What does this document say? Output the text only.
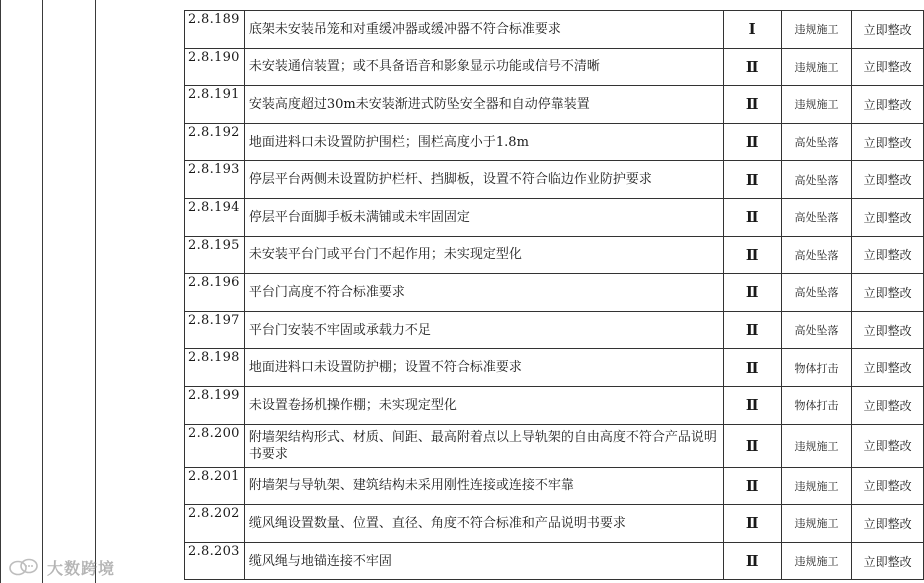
2.8.189	底架未安装吊笼和对重缓冲器或缓冲器不符合标准要求	Ⅰ	违规施工	立即整改
2.8.190	未安装通信装置；或不具备语音和影象显示功能或信号不清晰	Ⅱ	违规施工	立即整改
2.8.191	安装高度超过30m未安装渐进式防坠安全器和自动停靠装置	Ⅱ	违规施工	立即整改
2.8.192	地面进料口未设置防护围栏；围栏高度小于1.8m	Ⅱ	高处坠落	立即整改
2.8.193	停层平台两侧未设置防护栏杆、挡脚板，设置不符合临边作业防护要求	Ⅱ	高处坠落	立即整改
2.8.194	停层平台面脚手板未满铺或未牢固固定	Ⅱ	高处坠落	立即整改
2.8.195	未安装平台门或平台门不起作用；未实现定型化	Ⅱ	高处坠落	立即整改
2.8.196	平台门高度不符合标准要求	Ⅱ	高处坠落	立即整改
2.8.197	平台门安装不牢固或承载力不足	Ⅱ	高处坠落	立即整改
2.8.198	地面进料口未设置防护棚；设置不符合标准要求	Ⅱ	物体打击	立即整改
2.8.199	未设置卷扬机操作棚；未实现定型化	Ⅱ	物体打击	立即整改
2.8.200	附墙架结构形式、材质、间距、最高附着点以上导轨架的自由高度不符合产品说明书要求	Ⅱ	违规施工	立即整改
2.8.201	附墙架与导轨架、建筑结构未采用刚性连接或连接不牢靠	Ⅱ	违规施工	立即整改
2.8.202	缆风绳设置数量、位置、直径、角度不符合标准和产品说明书要求	Ⅱ	违规施工	立即整改
2.8.203	缆风绳与地锚连接不牢固	Ⅱ	违规施工	立即整改
大数跨境
